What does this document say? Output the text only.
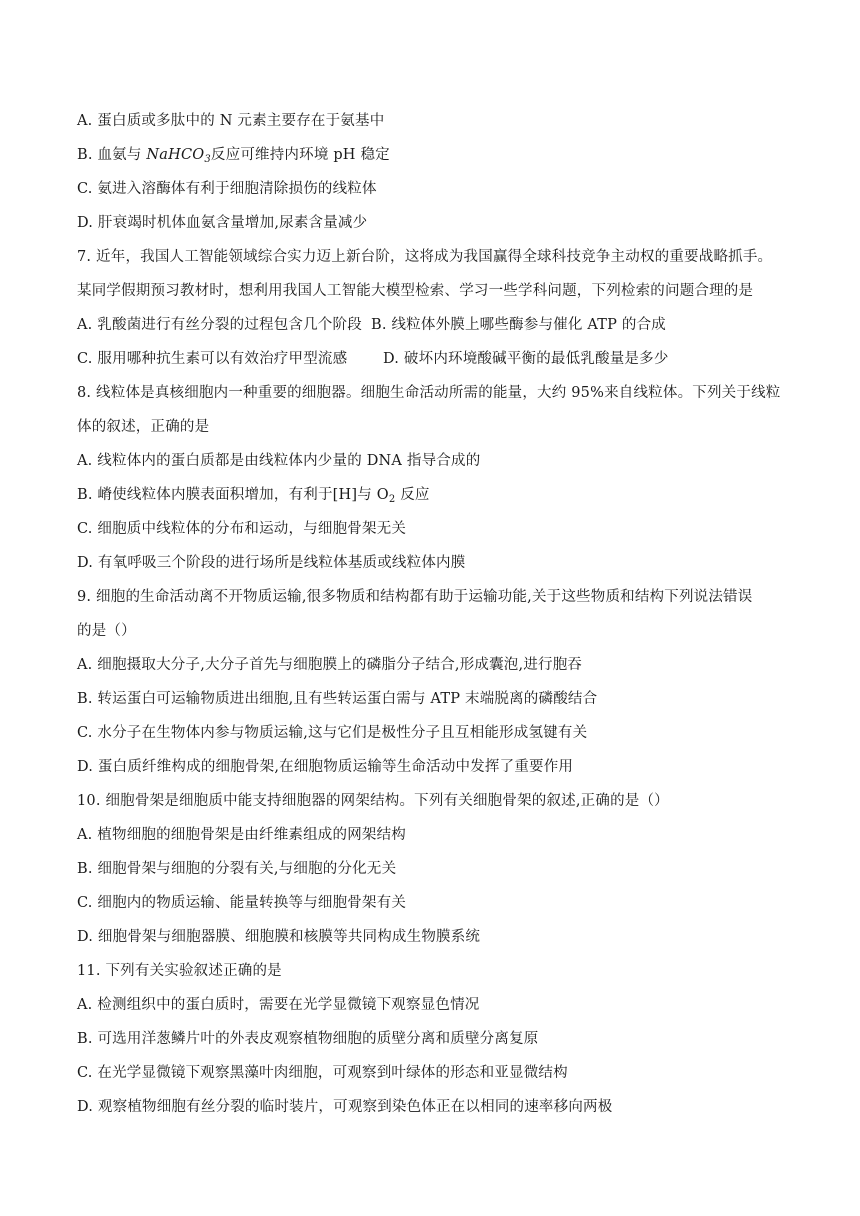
A. 蛋白质或多肽中的 N 元素主要存在于氨基中
B. 血氨与 NaHCO$_3$反应可维持内环境 pH 稳定
C. 氨进入溶酶体有利于细胞清除损伤的线粒体
D. 肝衰竭时机体血氨含量增加,尿素含量减少
7. 近年，我国人工智能领域综合实力迈上新台阶，这将成为我国赢得全球科技竞争主动权的重要战略抓手。
某同学假期预习教材时，想利用我国人工智能大模型检索、学习一些学科问题，下列检索的问题合理的是
A. 乳酸菌进行有丝分裂的过程包含几个阶段 B. 线粒体外膜上哪些酶参与催化 ATP 的合成
C. 服用哪种抗生素可以有效治疗甲型流感 D. 破坏内环境酸碱平衡的最低乳酸量是多少
8. 线粒体是真核细胞内一种重要的细胞器。细胞生命活动所需的能量，大约 95%来自线粒体。下列关于线粒
体的叙述，正确的是
A. 线粒体内的蛋白质都是由线粒体内少量的 DNA 指导合成的
B. 嵴使线粒体内膜表面积增加，有利于[H]与 $O_2$ 反应
C. 细胞质中线粒体的分布和运动，与细胞骨架无关
D. 有氧呼吸三个阶段的进行场所是线粒体基质或线粒体内膜
9. 细胞的生命活动离不开物质运输,很多物质和结构都有助于运输功能,关于这些物质和结构下列说法错误
的是（）
A. 细胞摄取大分子,大分子首先与细胞膜上的磷脂分子结合,形成囊泡,进行胞吞
B. 转运蛋白可运输物质进出细胞,且有些转运蛋白需与 ATP 末端脱离的磷酸结合
C. 水分子在生物体内参与物质运输,这与它们是极性分子且互相能形成氢键有关
D. 蛋白质纤维构成的细胞骨架,在细胞物质运输等生命活动中发挥了重要作用
10. 细胞骨架是细胞质中能支持细胞器的网架结构。下列有关细胞骨架的叙述,正确的是（）
A. 植物细胞的细胞骨架是由纤维素组成的网架结构
B. 细胞骨架与细胞的分裂有关,与细胞的分化无关
C. 细胞内的物质运输、能量转换等与细胞骨架有关
D. 细胞骨架与细胞器膜、细胞膜和核膜等共同构成生物膜系统
11. 下列有关实验叙述正确的是
A. 检测组织中的蛋白质时，需要在光学显微镜下观察显色情况
B. 可选用洋葱鳞片叶的外表皮观察植物细胞的质壁分离和质壁分离复原
C. 在光学显微镜下观察黑藻叶肉细胞，可观察到叶绿体的形态和亚显微结构
D. 观察植物细胞有丝分裂的临时装片，可观察到染色体正在以相同的速率移向两极
